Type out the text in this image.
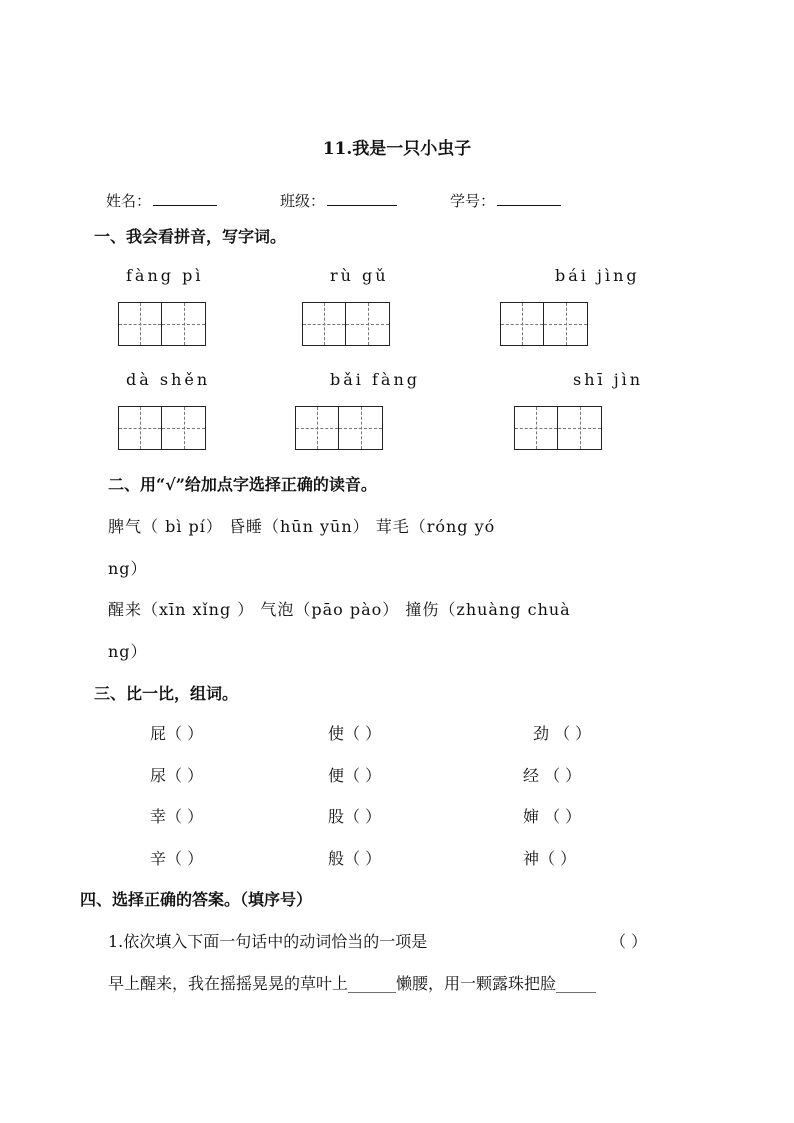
11.我是一只小虫子
姓名：	班级：	学号：
一、我会看拼音，写字词。
fàng pì	rù gǔ	bái jìng
dà shěn	bǎi fàng	shī jìn
二、用“√”给加点字选择正确的读音。
脾气（ bì pí） 昏睡（hūn yūn） 茸毛（róng yó
ng）
醒来（xīn xǐng ） 气泡（pāo pào） 撞伤（zhuàng chuà
ng）
三、比一比，组词。
屁（ ）	使（ ）	劲 （ ）
尿（ ）	便（ ）	经 （ ）
幸（ ）	股（ ）	婶 （ ）
辛（ ）	般（ ）	神（ ）
四、选择正确的答案。（填序号）
1.依次填入下面一句话中的动词恰当的一项是	（ ）
早上醒来，我在摇摇晃晃的草叶上______懒腰，用一颗露珠把脸_____
